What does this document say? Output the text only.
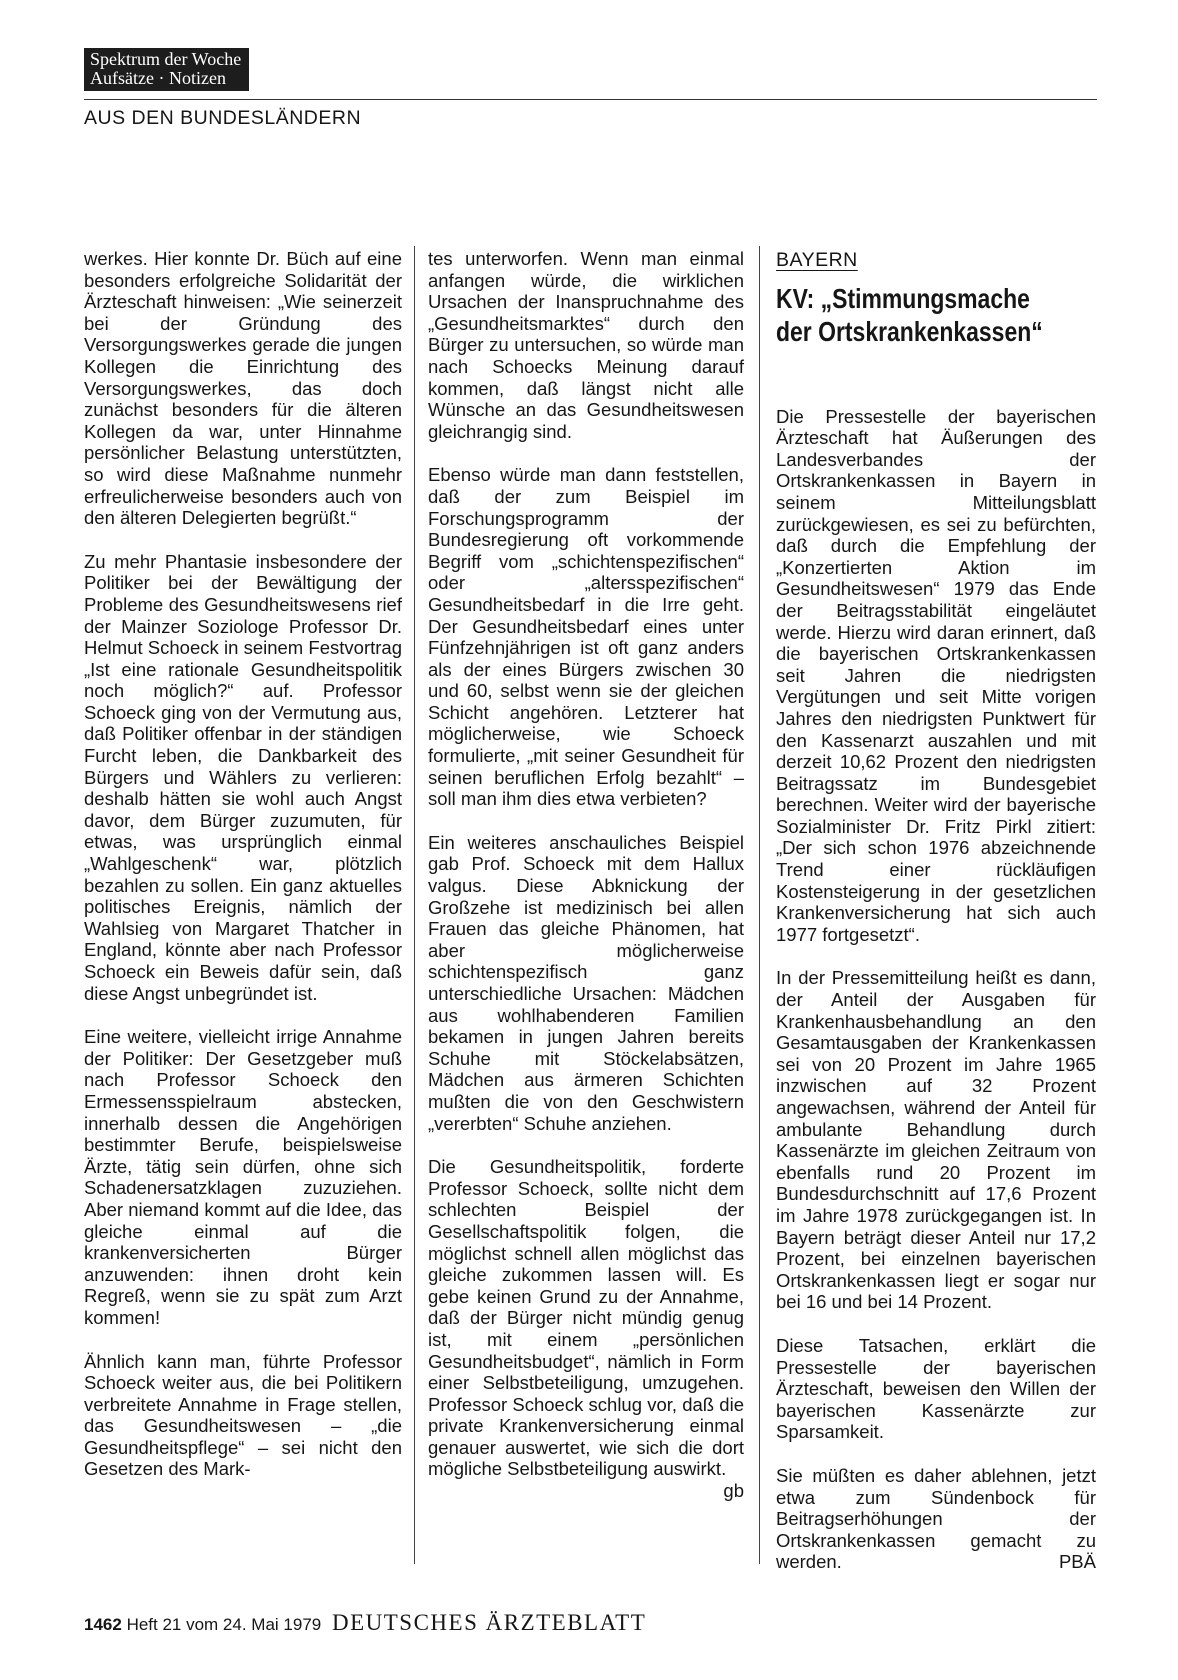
Spektrum der Woche
Aufsätze · Notizen
AUS DEN BUNDESLÄNDERN

werkes. Hier konnte Dr. Büch auf eine besonders erfolgreiche Solidarität der Ärzteschaft hinweisen: „Wie seinerzeit bei der Gründung des Versorgungswerkes gerade die jungen Kollegen die Einrichtung des Versorgungswerkes, das doch zunächst besonders für die älteren Kollegen da war, unter Hinnahme persönlicher Belastung unterstützten, so wird diese Maßnahme nunmehr erfreulicherweise besonders auch von den älteren Delegierten begrüßt.“

Zu mehr Phantasie insbesondere der Politiker bei der Bewältigung der Probleme des Gesundheitswesens rief der Mainzer Soziologe Professor Dr. Helmut Schoeck in seinem Festvortrag „Ist eine rationale Gesundheitspolitik noch möglich?“ auf. Professor Schoeck ging von der Vermutung aus, daß Politiker offenbar in der ständigen Furcht leben, die Dankbarkeit des Bürgers und Wählers zu verlieren: deshalb hätten sie wohl auch Angst davor, dem Bürger zuzumuten, für etwas, was ursprünglich einmal „Wahlgeschenk“ war, plötzlich bezahlen zu sollen. Ein ganz aktuelles politisches Ereignis, nämlich der Wahlsieg von Margaret Thatcher in England, könnte aber nach Professor Schoeck ein Beweis dafür sein, daß diese Angst unbegründet ist.

Eine weitere, vielleicht irrige Annahme der Politiker: Der Gesetzgeber muß nach Professor Schoeck den Ermessensspielraum abstecken, innerhalb dessen die Angehörigen bestimmter Berufe, beispielsweise Ärzte, tätig sein dürfen, ohne sich Schadenersatzklagen zuzuziehen. Aber niemand kommt auf die Idee, das gleiche einmal auf die krankenversicherten Bürger anzuwenden: ihnen droht kein Regreß, wenn sie zu spät zum Arzt kommen!

Ähnlich kann man, führte Professor Schoeck weiter aus, die bei Politikern verbreitete Annahme in Frage stellen, das Gesundheitswesen – „die Gesundheitspflege“ – sei nicht den Gesetzen des Mark-

tes unterworfen. Wenn man einmal anfangen würde, die wirklichen Ursachen der Inanspruchnahme des „Gesundheitsmarktes“ durch den Bürger zu untersuchen, so würde man nach Schoecks Meinung darauf kommen, daß längst nicht alle Wünsche an das Gesundheitswesen gleichrangig sind.

Ebenso würde man dann feststellen, daß der zum Beispiel im Forschungsprogramm der Bundesregierung oft vorkommende Begriff vom „schichtenspezifischen“ oder „altersspezifischen“ Gesundheitsbedarf in die Irre geht. Der Gesundheitsbedarf eines unter Fünfzehnjährigen ist oft ganz anders als der eines Bürgers zwischen 30 und 60, selbst wenn sie der gleichen Schicht angehören. Letzterer hat möglicherweise, wie Schoeck formulierte, „mit seiner Gesundheit für seinen beruflichen Erfolg bezahlt“ – soll man ihm dies etwa verbieten?

Ein weiteres anschauliches Beispiel gab Prof. Schoeck mit dem Hallux valgus. Diese Abknickung der Großzehe ist medizinisch bei allen Frauen das gleiche Phänomen, hat aber möglicherweise schichtenspezifisch ganz unterschiedliche Ursachen: Mädchen aus wohlhabenderen Familien bekamen in jungen Jahren bereits Schuhe mit Stöckelabsätzen, Mädchen aus ärmeren Schichten mußten die von den Geschwistern „vererbten“ Schuhe anziehen.

Die Gesundheitspolitik, forderte Professor Schoeck, sollte nicht dem schlechten Beispiel der Gesellschaftspolitik folgen, die möglichst schnell allen möglichst das gleiche zukommen lassen will. Es gebe keinen Grund zu der Annahme, daß der Bürger nicht mündig genug ist, mit einem „persönlichen Gesundheitsbudget“, nämlich in Form einer Selbstbeteiligung, umzugehen. Professor Schoeck schlug vor, daß die private Krankenversicherung einmal genauer auswertet, wie sich die dort mögliche Selbstbeteiligung auswirkt.
gb

BAYERN
KV: „Stimmungsmache
der Ortskrankenkassen“

Die Pressestelle der bayerischen Ärzteschaft hat Äußerungen des Landesverbandes der Ortskrankenkassen in Bayern in seinem Mitteilungsblatt zurückgewiesen, es sei zu befürchten, daß durch die Empfehlung der „Konzertierten Aktion im Gesundheitswesen“ 1979 das Ende der Beitragsstabilität eingeläutet werde. Hierzu wird daran erinnert, daß die bayerischen Ortskrankenkassen seit Jahren die niedrigsten Vergütungen und seit Mitte vorigen Jahres den niedrigsten Punktwert für den Kassenarzt auszahlen und mit derzeit 10,62 Prozent den niedrigsten Beitragssatz im Bundesgebiet berechnen. Weiter wird der bayerische Sozialminister Dr. Fritz Pirkl zitiert: „Der sich schon 1976 abzeichnende Trend einer rückläufigen Kostensteigerung in der gesetzlichen Krankenversicherung hat sich auch 1977 fortgesetzt“.

In der Pressemitteilung heißt es dann, der Anteil der Ausgaben für Krankenhausbehandlung an den Gesamtausgaben der Krankenkassen sei von 20 Prozent im Jahre 1965 inzwischen auf 32 Prozent angewachsen, während der Anteil für ambulante Behandlung durch Kassenärzte im gleichen Zeitraum von ebenfalls rund 20 Prozent im Bundesdurchschnitt auf 17,6 Prozent im Jahre 1978 zurückgegangen ist. In Bayern beträgt dieser Anteil nur 17,2 Prozent, bei einzelnen bayerischen Ortskrankenkassen liegt er sogar nur bei 16 und bei 14 Prozent.

Diese Tatsachen, erklärt die Pressestelle der bayerischen Ärzteschaft, beweisen den Willen der bayerischen Kassenärzte zur Sparsamkeit.

Sie müßten es daher ablehnen, jetzt etwa zum Sündenbock für Beitragserhöhungen der Ortskrankenkassen gemacht zu werden.	PBÄ

1462 Heft 21 vom 24. Mai 1979 DEUTSCHES ÄRZTEBLATT
